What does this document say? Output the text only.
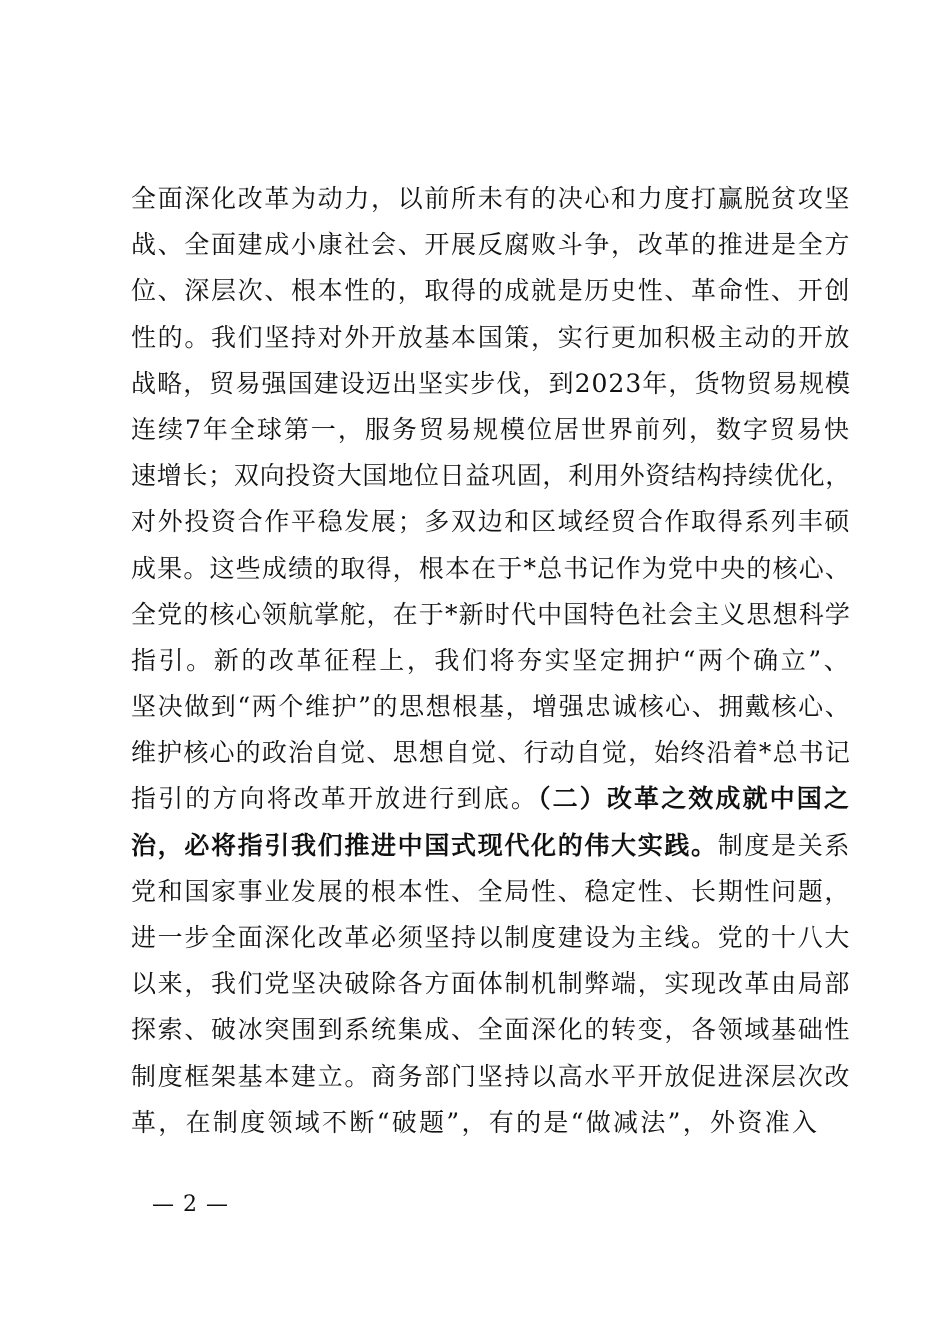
全面深化改革为动力，以前所未有的决心和力度打赢脱贫攻坚
战、全面建成小康社会、开展反腐败斗争，改革的推进是全方
位、深层次、根本性的，取得的成就是历史性、革命性、开创
性的。我们坚持对外开放基本国策，实行更加积极主动的开放
战略，贸易强国建设迈出坚实步伐，到2023年，货物贸易规模
连续7年全球第一，服务贸易规模位居世界前列，数字贸易快
速增长；双向投资大国地位日益巩固，利用外资结构持续优化，
对外投资合作平稳发展；多双边和区域经贸合作取得系列丰硕
成果。这些成绩的取得，根本在于*总书记作为党中央的核心、
全党的核心领航掌舵，在于*新时代中国特色社会主义思想科学
指引。新的改革征程上，我们将夯实坚定拥护“两个确立”、
坚决做到“两个维护”的思想根基，增强忠诚核心、拥戴核心、
维护核心的政治自觉、思想自觉、行动自觉，始终沿着*总书记
指引的方向将改革开放进行到底。（二）改革之效成就中国之
治，必将指引我们推进中国式现代化的伟大实践。制度是关系
党和国家事业发展的根本性、全局性、稳定性、长期性问题，
进一步全面深化改革必须坚持以制度建设为主线。党的十八大
以来，我们党坚决破除各方面体制机制弊端，实现改革由局部
探索、破冰突围到系统集成、全面深化的转变，各领域基础性
制度框架基本建立。商务部门坚持以高水平开放促进深层次改
革，在制度领域不断“破题”，有的是“做减法”，外资准入
— 2 —
